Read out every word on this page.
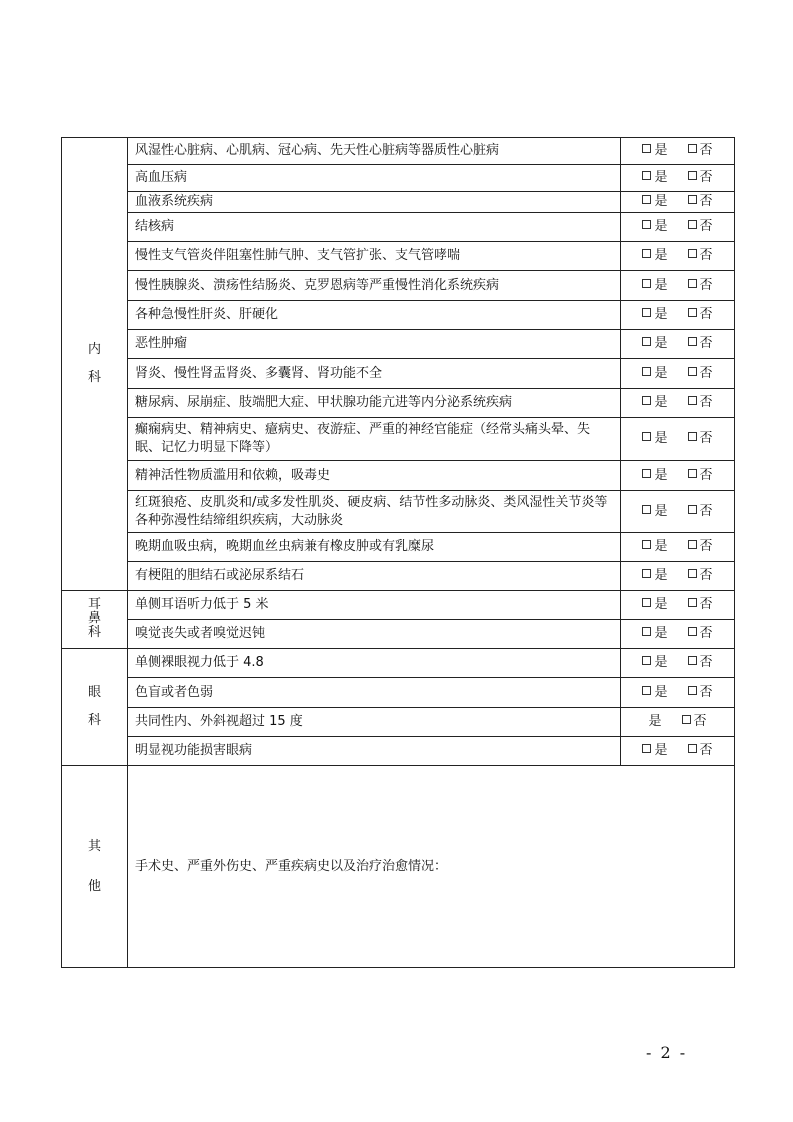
内科	风湿性心脏病、心肌病、冠心病、先天性心脏病等器质性心脏病	是 否
	高血压病	是 否
	血液系统疾病	是 否
	结核病	是 否
	慢性支气管炎伴阻塞性肺气肿、支气管扩张、支气管哮喘	是 否
	慢性胰腺炎、溃疡性结肠炎、克罗恩病等严重慢性消化系统疾病	是 否
	各种急慢性肝炎、肝硬化	是 否
	恶性肿瘤	是 否
	肾炎、慢性肾盂肾炎、多囊肾、肾功能不全	是 否
	糖尿病、尿崩症、肢端肥大症、甲状腺功能亢进等内分泌系统疾病	是 否
	癫痫病史、精神病史、癔病史、夜游症、严重的神经官能症（经常头痛头晕、失眠、记忆力明显下降等）	是 否
	精神活性物质滥用和依赖，吸毒史	是 否
	红斑狼疮、皮肌炎和/或多发性肌炎、硬皮病、结节性多动脉炎、类风湿性关节炎等各种弥漫性结缔组织疾病，大动脉炎	是 否
	晚期血吸虫病，晚期血丝虫病兼有橡皮肿或有乳糜尿	是 否
	有梗阻的胆结石或泌尿系结石	是 否
耳鼻科	单侧耳语听力低于 5 米	是 否
	嗅觉丧失或者嗅觉迟钝	是 否
眼科	单侧裸眼视力低于 4.8	是 否
	色盲或者色弱	是 否
	共同性内、外斜视超过 15 度	是 否
	明显视功能损害眼病	是 否
其他	手术史、严重外伤史、严重疾病史以及治疗治愈情况：	
- 2 -
